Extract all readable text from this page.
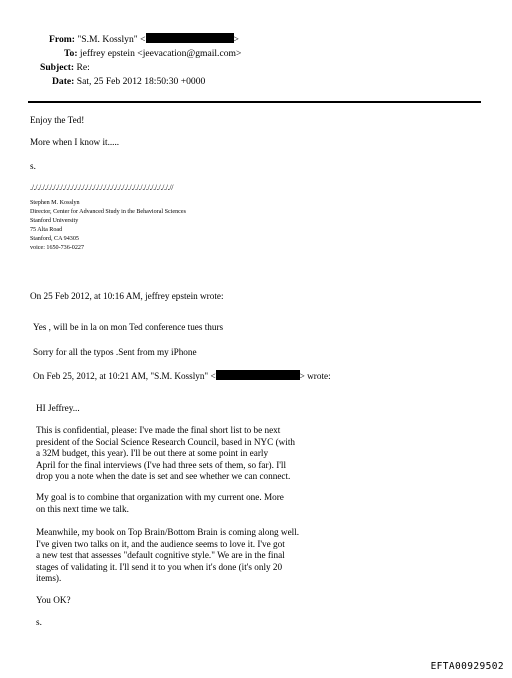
From: "S.M. Kosslyn" <	>
To: jeffrey epstein <jeevacation@gmail.com>
Subject: Re:
Date: Sat, 25 Feb 2012 18:50:30 +0000
Enjoy the Ted!
More when I know it.....
s.
./././././././././././././././././././././././././././././././././././././././/
Stephen M. Kosslyn
Director, Center for Advanced Study in the Behavioral Sciences
Stanford University
75 Alta Road
Stanford, CA 94305
voice: 1650-736-0227
On 25 Feb 2012, at 10:16 AM, jeffrey epstein wrote:
Yes , will be in la on mon Ted conference tues thurs
Sorry for all the typos .Sent from my iPhone
On Feb 25, 2012, at 10:21 AM, "S.M. Kosslyn" <	> wrote:
HI Jeffrey...
This is confidential, please: I've made the final short list to be next
president of the Social Science Research Council, based in NYC (with
a 32M budget, this year). I'll be out there at some point in early
April for the final interviews (I've had three sets of them, so far). I'll
drop you a note when the date is set and see whether we can connect.
My goal is to combine that organization with my current one. More
on this next time we talk.
Meanwhile, my book on Top Brain/Bottom Brain is coming along well.
I've given two talks on it, and the audience seems to love it. I've got
a new test that assesses "default cognitive style." We are in the final
stages of validating it. I'll send it to you when it's done (it's only 20
items).
You OK?
s.
EFTA00929502
